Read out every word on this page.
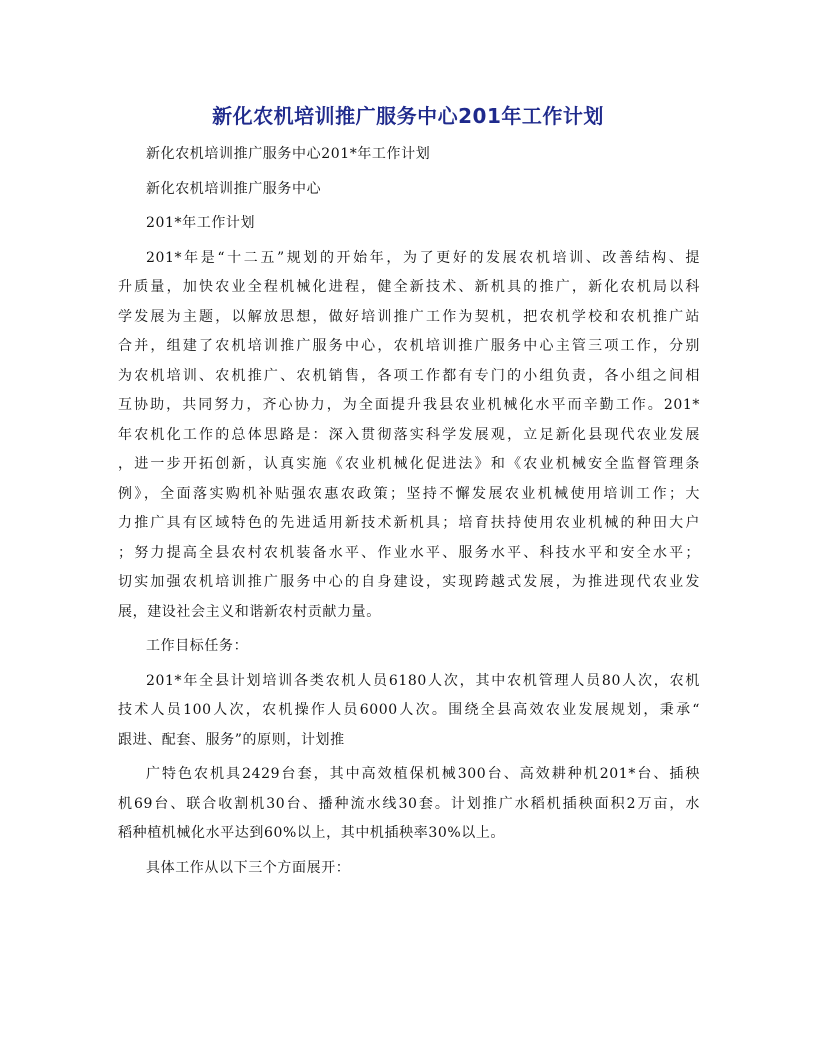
新化农机培训推广服务中心201年工作计划
新化农机培训推广服务中心201*年工作计划
新化农机培训推广服务中心
201*年工作计划
201*年是“十二五”规划的开始年，为了更好的发展农机培训、改善结构、提
升质量，加快农业全程机械化进程，健全新技术、新机具的推广，新化农机局以科
学发展为主题，以解放思想，做好培训推广工作为契机，把农机学校和农机推广站
合并，组建了农机培训推广服务中心，农机培训推广服务中心主管三项工作，分别
为农机培训、农机推广、农机销售，各项工作都有专门的小组负责，各小组之间相
互协助，共同努力，齐心协力，为全面提升我县农业机械化水平而辛勤工作。201*
年农机化工作的总体思路是：深入贯彻落实科学发展观，立足新化县现代农业发展
，进一步开拓创新，认真实施《农业机械化促进法》和《农业机械安全监督管理条
例》，全面落实购机补贴强农惠农政策；坚持不懈发展农业机械使用培训工作；大
力推广具有区域特色的先进适用新技术新机具；培育扶持使用农业机械的种田大户
；努力提高全县农村农机装备水平、作业水平、服务水平、科技水平和安全水平；
切实加强农机培训推广服务中心的自身建设，实现跨越式发展，为推进现代农业发
展，建设社会主义和谐新农村贡献力量。
工作目标任务：
201*年全县计划培训各类农机人员6180人次，其中农机管理人员80人次，农机
技术人员100人次，农机操作人员6000人次。围绕全县高效农业发展规划，秉承“
跟进、配套、服务”的原则，计划推
广特色农机具2429台套，其中高效植保机械300台、高效耕种机201*台、插秧
机69台、联合收割机30台、播种流水线30套。计划推广水稻机插秧面积2万亩，水
稻种植机械化水平达到60%以上，其中机插秧率30%以上。
具体工作从以下三个方面展开：
